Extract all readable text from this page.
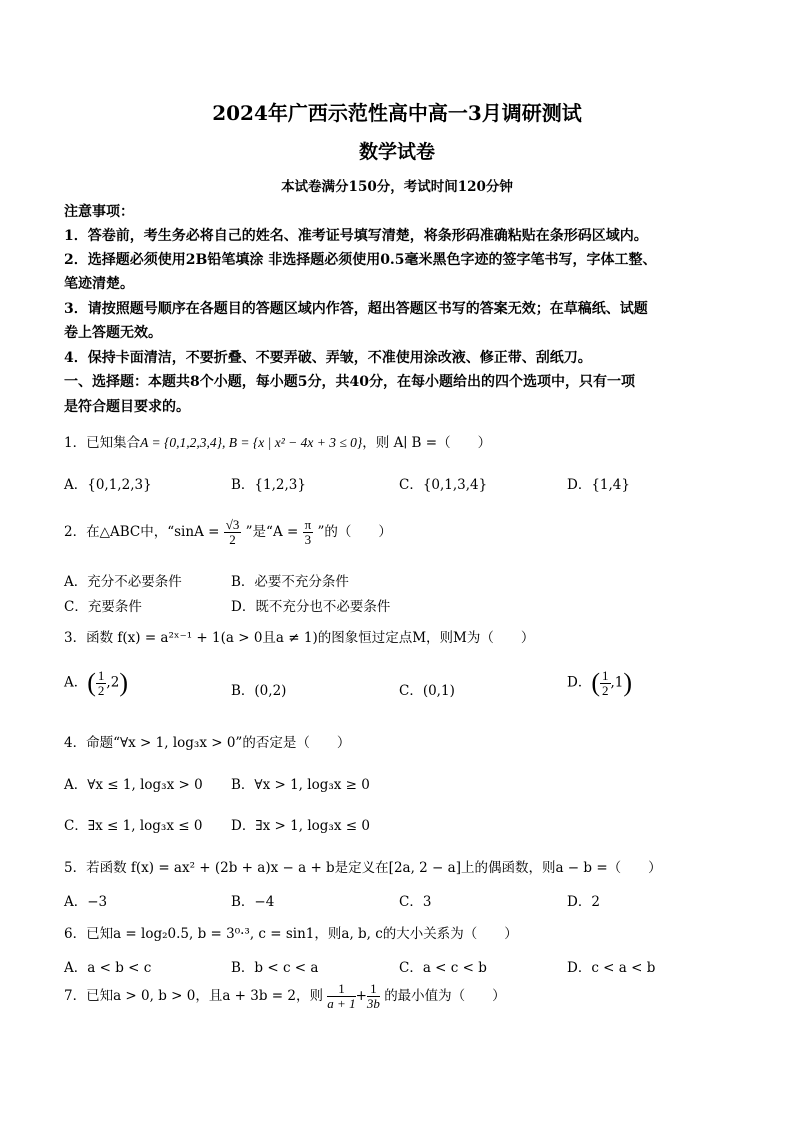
2024年广西示范性高中高一3月调研测试
数学试卷
本试卷满分150分，考试时间120分钟
注意事项：
1．答卷前，考生务必将自己的姓名、准考证号填写清楚，将条形码准确粘贴在条形码区域内。
2．选择题必须使用2B铅笔填涂 非选择题必须使用0.5毫米黑色字迹的签字笔书写，字体工整、
笔迹清楚。
3．请按照题号顺序在各题目的答题区域内作答，超出答题区书写的答案无效；在草稿纸、试题
卷上答题无效。
4．保持卡面清洁，不要折叠、不要弄破、弄皱，不准使用涂改液、修正带、刮纸刀。
一、选择题：本题共8个小题，每小题5分，共40分，在每小题给出的四个选项中，只有一项
是符合题目要求的。
1．已知集合A = {0,1,2,3,4}, B = {x | x² − 4x + 3 ≤ 0}，则 A∣ B =（　　）
A．{0,1,2,3}	B．{1,2,3}	C．{0,1,3,4}	D．{1,4}
2．在△ABC中，“$\sin A = \frac{√3}{2}$ ”是“$A = \frac{\pi}{3}$ ”的（　　）
A．充分不必要条件	B．必要不充分条件
C．充要条件	D．既不充分也不必要条件
3．函数 f(x) = a²ˣ⁻¹ + 1(a > 0且a ≠ 1)的图象恒过定点M，则M为（　　）
A．( $\frac{1}{2} ,2$)	B．(0,2)	C．(0,1)
D．( $\frac{1}{2} ,1$)
4．命题“∀x > 1, log₃x > 0”的否定是（　　）
A．∀x ≤ 1, log₃x > 0 B．∀x > 1, log₃x ≥ 0
C．∃x ≤ 1, log₃x ≤ 0 D．∃x > 1, log₃x ≤ 0
5．若函数 f(x) = ax² + (2b + a)x − a + b是定义在[2a, 2 − a]上的偶函数，则a − b =（　　）
A．−3	B．−4	C．3	D．2
6．已知a = log₂0.5, b = 3⁰·³, c = sin1，则a, b, c的大小关系为（　　）
A．a < b < c	B．b < c < a	C．a < c < b	D．c < a < b
7．已知a > 0, b > 0，且a + 3b = 2，则 $\frac{1}{a + 1} + \frac{1}{3b}$ 的最小值为（　　）
